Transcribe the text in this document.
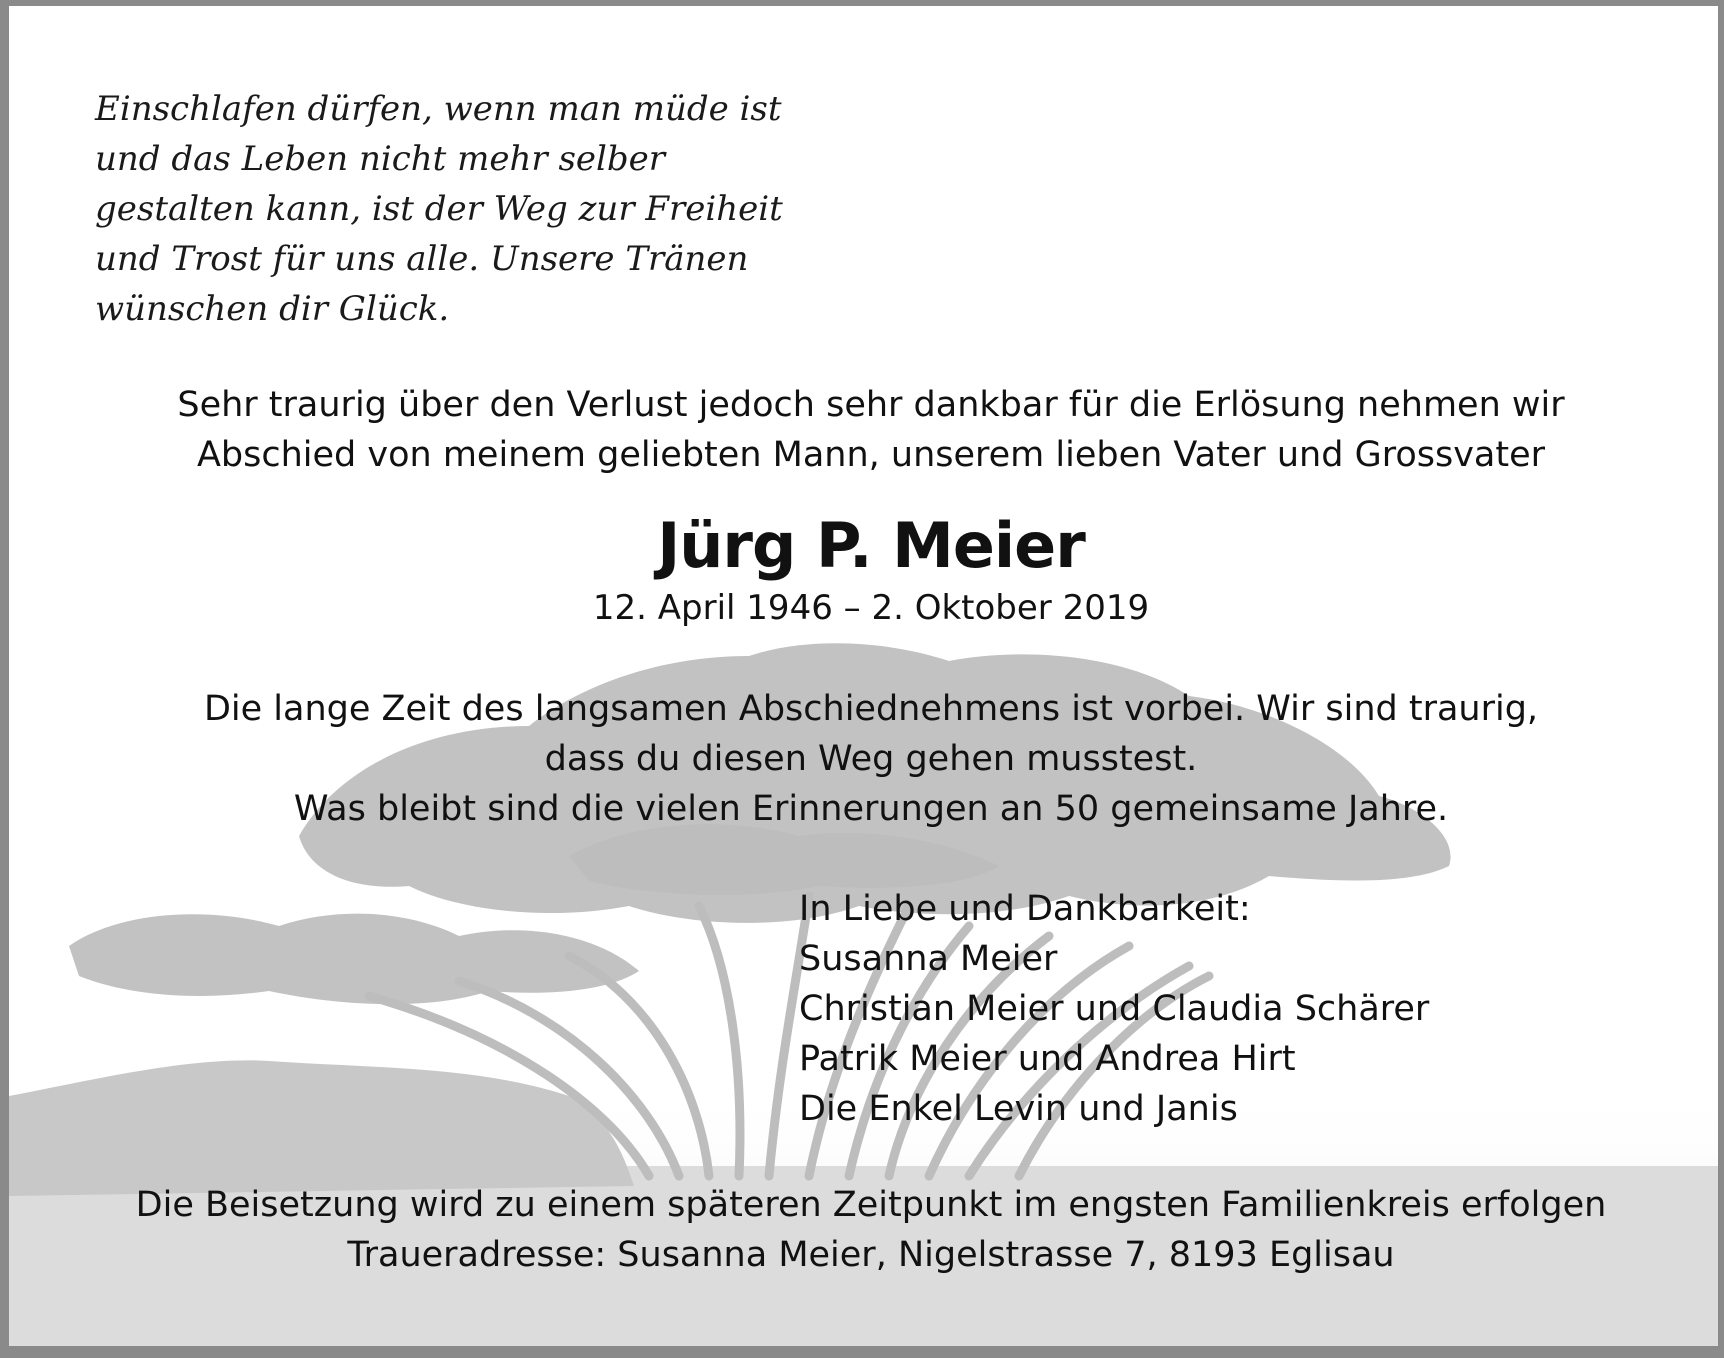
Einschlafen dürfen, wenn man müde ist
und das Leben nicht mehr selber
gestalten kann, ist der Weg zur Freiheit
und Trost für uns alle. Unsere Tränen
wünschen dir Glück.
Sehr traurig über den Verlust jedoch sehr dankbar für die Erlösung nehmen wir
Abschied von meinem geliebten Mann, unserem lieben Vater und Grossvater
Jürg P. Meier
12. April 1946 – 2. Oktober 2019
Die lange Zeit des langsamen Abschiednehmens ist vorbei. Wir sind traurig,
dass du diesen Weg gehen musstest.
Was bleibt sind die vielen Erinnerungen an 50 gemeinsame Jahre.
In Liebe und Dankbarkeit:
Susanna Meier
Christian Meier und Claudia Schärer
Patrik Meier und Andrea Hirt
Die Enkel Levin und Janis
Die Beisetzung wird zu einem späteren Zeitpunkt im engsten Familienkreis erfolgen
Traueradresse: Susanna Meier, Nigelstrasse 7, 8193 Eglisau
